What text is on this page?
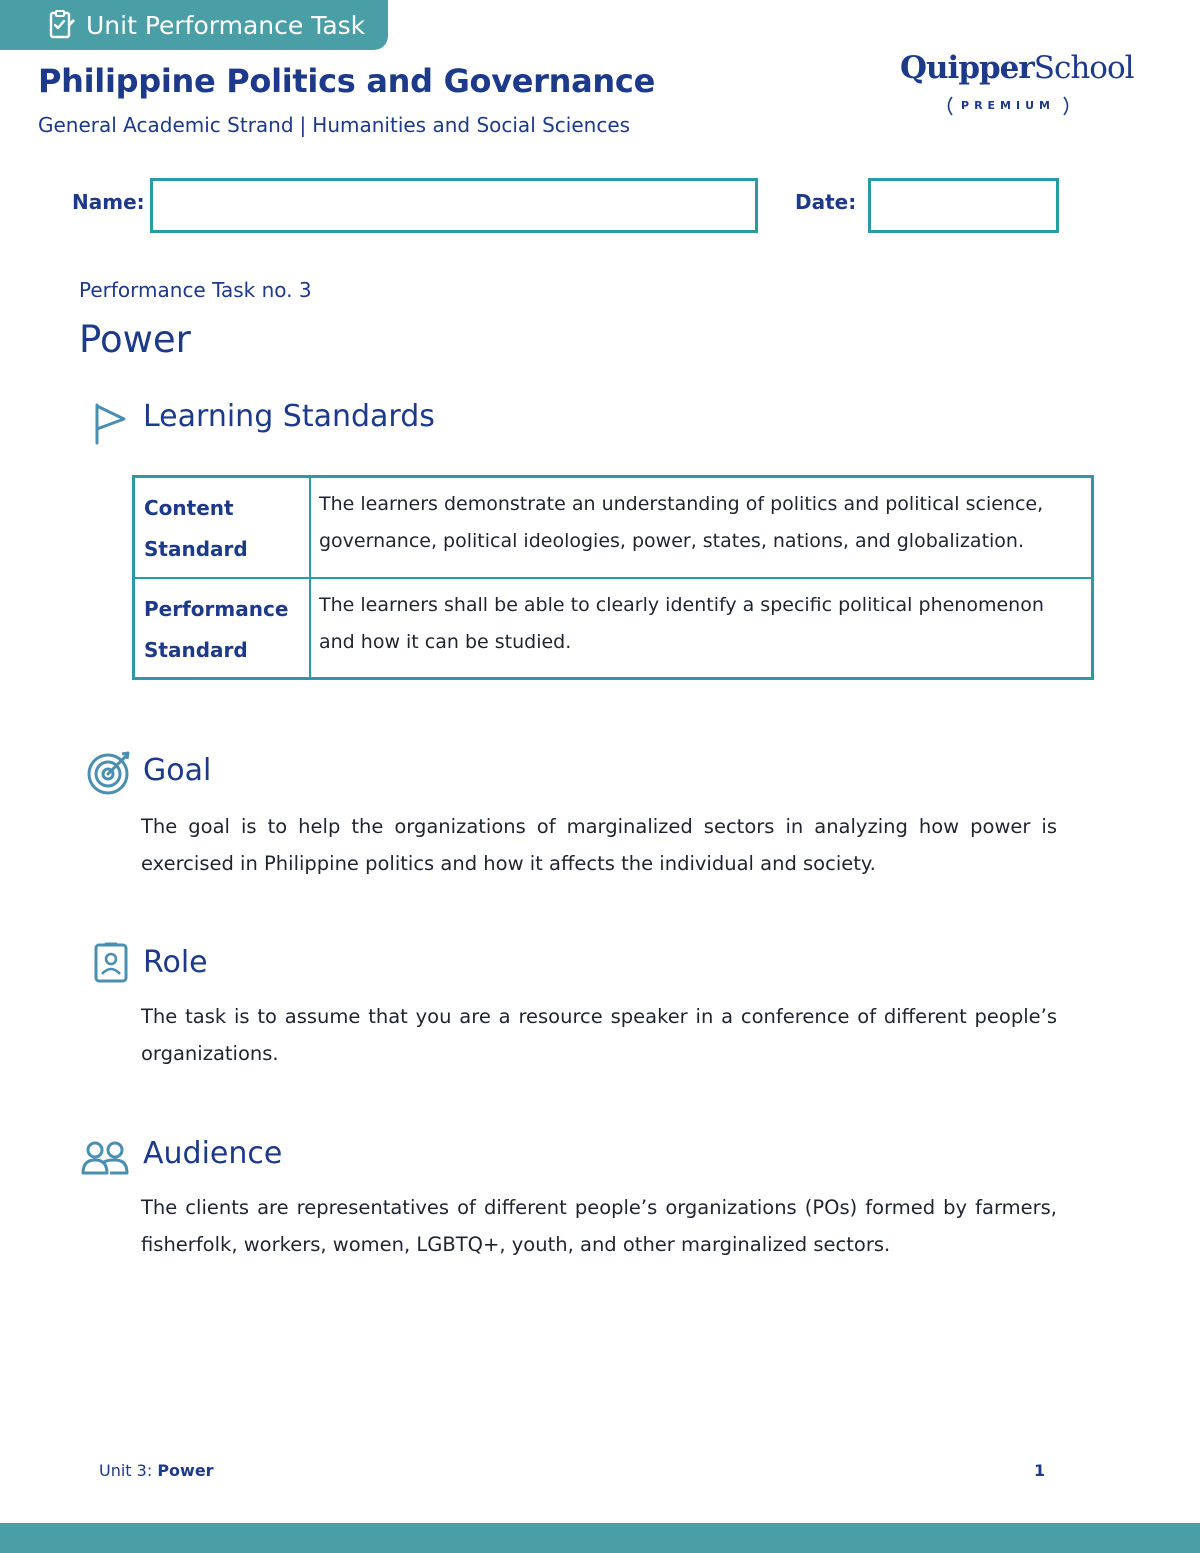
Unit Performance Task
Philippine Politics and Governance
General Academic Strand | Humanities and Social Sciences
QuipperSchool
PREMIUM
Name:	Date:
Performance Task no. 3
Power
Learning Standards
Content
Standard	The learners demonstrate an understanding of politics and political science, governance, political ideologies, power, states, nations, and globalization.

Performance
Standard	The learners shall be able to clearly identify a specific political phenomenon and how it can be studied.
Goal
The goal is to help the organizations of marginalized sectors in analyzing how power is exercised in Philippine politics and how it affects the individual and society.
Role
The task is to assume that you are a resource speaker in a conference of different people’s organizations.
Audience
The clients are representatives of different people’s organizations (POs) formed by farmers, fisherfolk, workers, women, LGBTQ+, youth, and other marginalized sectors.
Unit 3: Power	1
